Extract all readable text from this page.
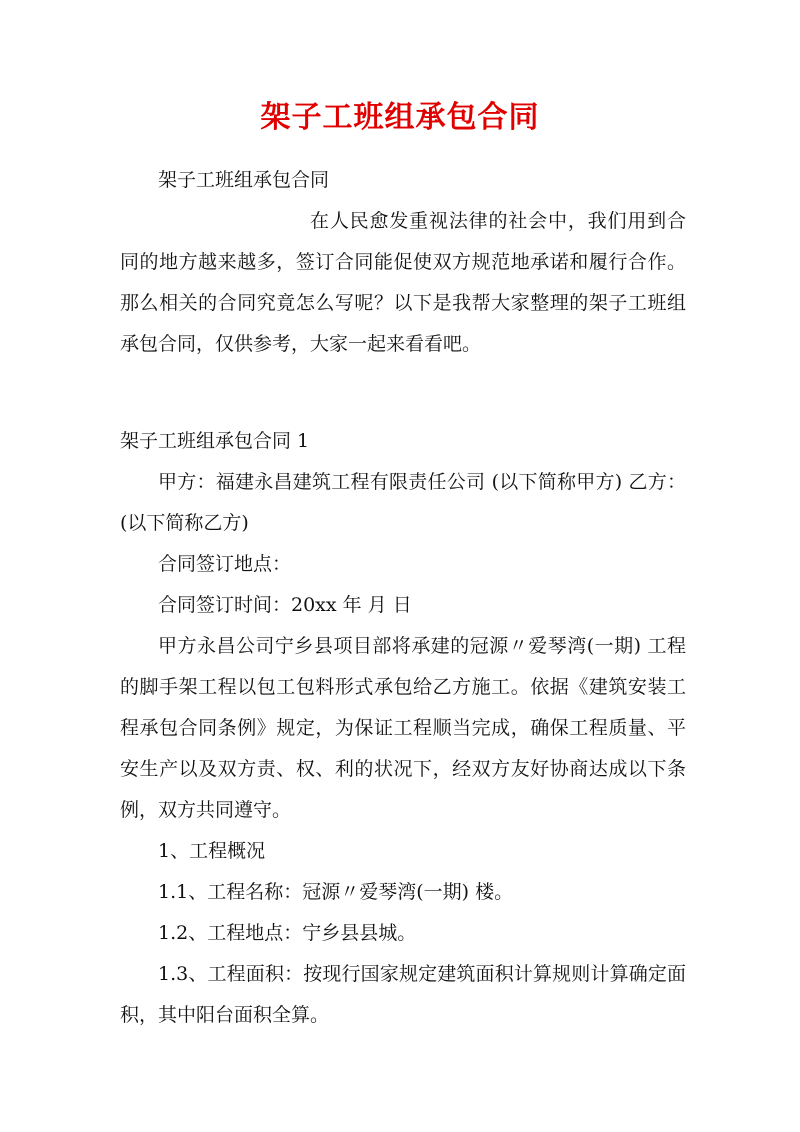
架子工班组承包合同

架子工班组承包合同

在人民愈发重视法律的社会中，我们用到合同的地方越来越多，签订合同能促使双方规范地承诺和履行合作。那么相关的合同究竟怎么写呢？以下是我帮大家整理的架子工班组承包合同，仅供参考，大家一起来看看吧。

架子工班组承包合同 1

甲方：福建永昌建筑工程有限责任公司 (以下简称甲方) 乙方：(以下简称乙方)

合同签订地点：

合同签订时间：20xx 年 月 日

甲方永昌公司宁乡县项目部将承建的冠源〃爱琴湾(一期) 工程的脚手架工程以包工包料形式承包给乙方施工。依据《建筑安装工程承包合同条例》规定，为保证工程顺当完成，确保工程质量、平安生产以及双方责、权、利的状况下，经双方友好协商达成以下条例，双方共同遵守。

1、工程概况

1.1、工程名称：冠源〃爱琴湾(一期) 楼。

1.2、工程地点：宁乡县县城。

1.3、工程面积：按现行国家规定建筑面积计算规则计算确定面积，其中阳台面积全算。
